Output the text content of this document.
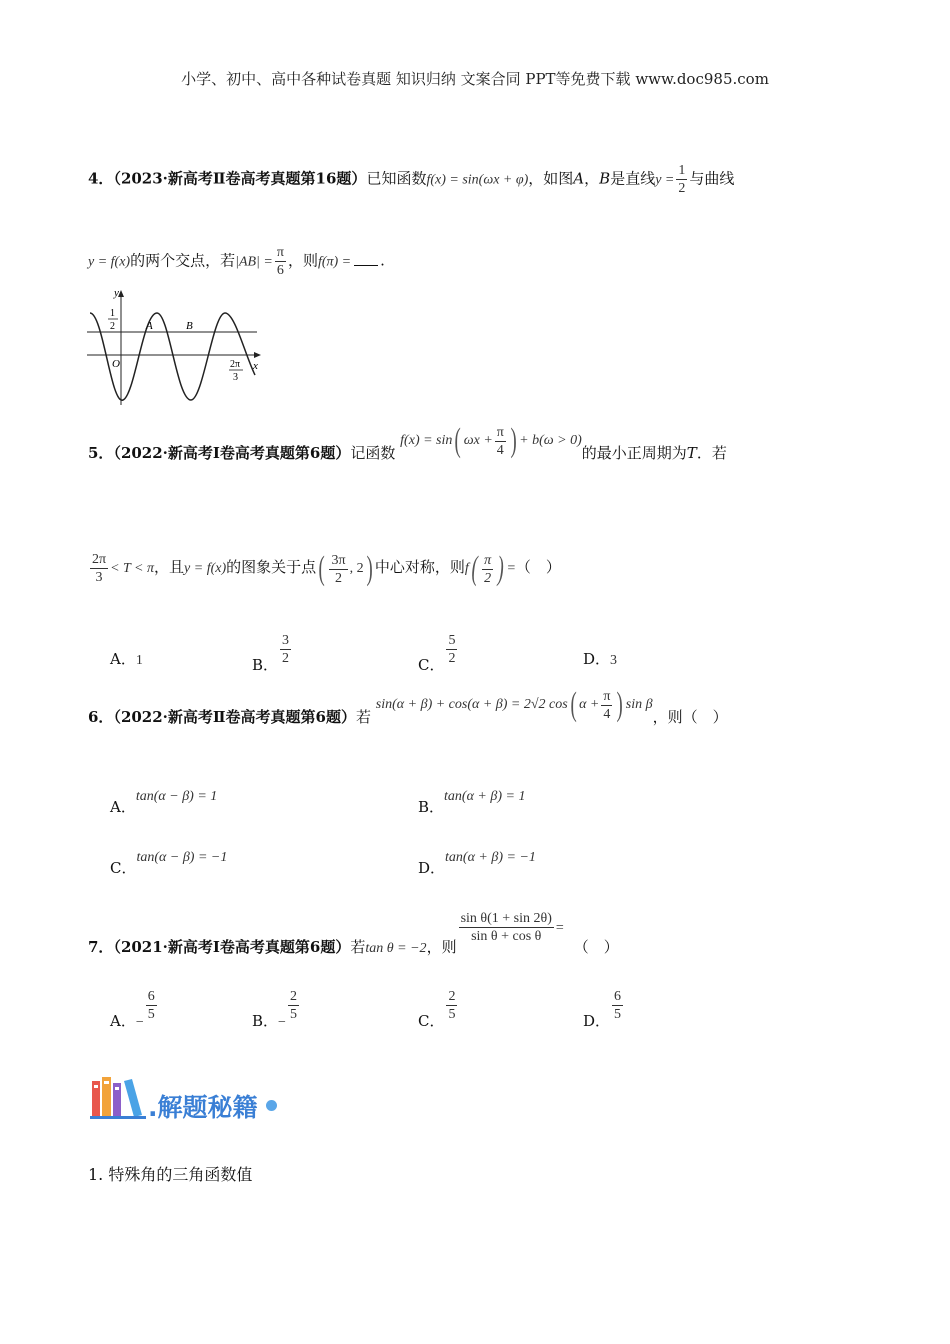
小学、初中、高中各种试卷真题 知识归纳 文案合同 PPT等免费下载 www.doc985.com
4．（2023·新高考Ⅱ卷高考真题第16题）已知函数f(x) = sin(ωx + φ)，如图A，B是直线$y = \frac{1}{2}$ 与曲线
y = f(x)的两个交点，若$|AB| = \frac{\pi}{6}$ ，则f(π) = .
y
x
O
1
2	A	B
2π
3
5．（2022·新高考Ⅰ卷高考真题第6题）记函数 f(x) = sin( $\omega x + \frac{\pi}{4}$ ) + b(ω > 0)的最小正周期为T．若
$\frac{2\pi}{3} < T < \pi$，且y = f(x)的图象关于点( $\frac{3\pi}{2}$ , 2) 中心对称，则$f( \frac{\pi}{2}$ ) =（　）
A．1	B． $\frac{3}{2}$	C． $\frac{5}{2}$	D．3
6．（2022·新高考Ⅱ卷高考真题第6题）若 sin(α + β) + cos(α + β) = 2√2 cos( $\alpha + \frac{\pi}{4}$ ) sin β，则（　）
A．tan(α − β) = 1
B．tan(α + β) = 1
C．tan(α − β) = −1
D．tan(α + β) = −1
7．（2021·新高考Ⅰ卷高考真题第6题）若tan θ = −2，则
$\frac{\text{sin θ(1 + sin 2θ)}}{\text{sin θ + cos θ}}$ =（　）
A．− $\frac{6}{5}$	B．− $\frac{2}{5}$	C． $\frac{2}{5}$	D． $\frac{6}{5}$
.解题秘籍
1. 特殊角的三角函数值
